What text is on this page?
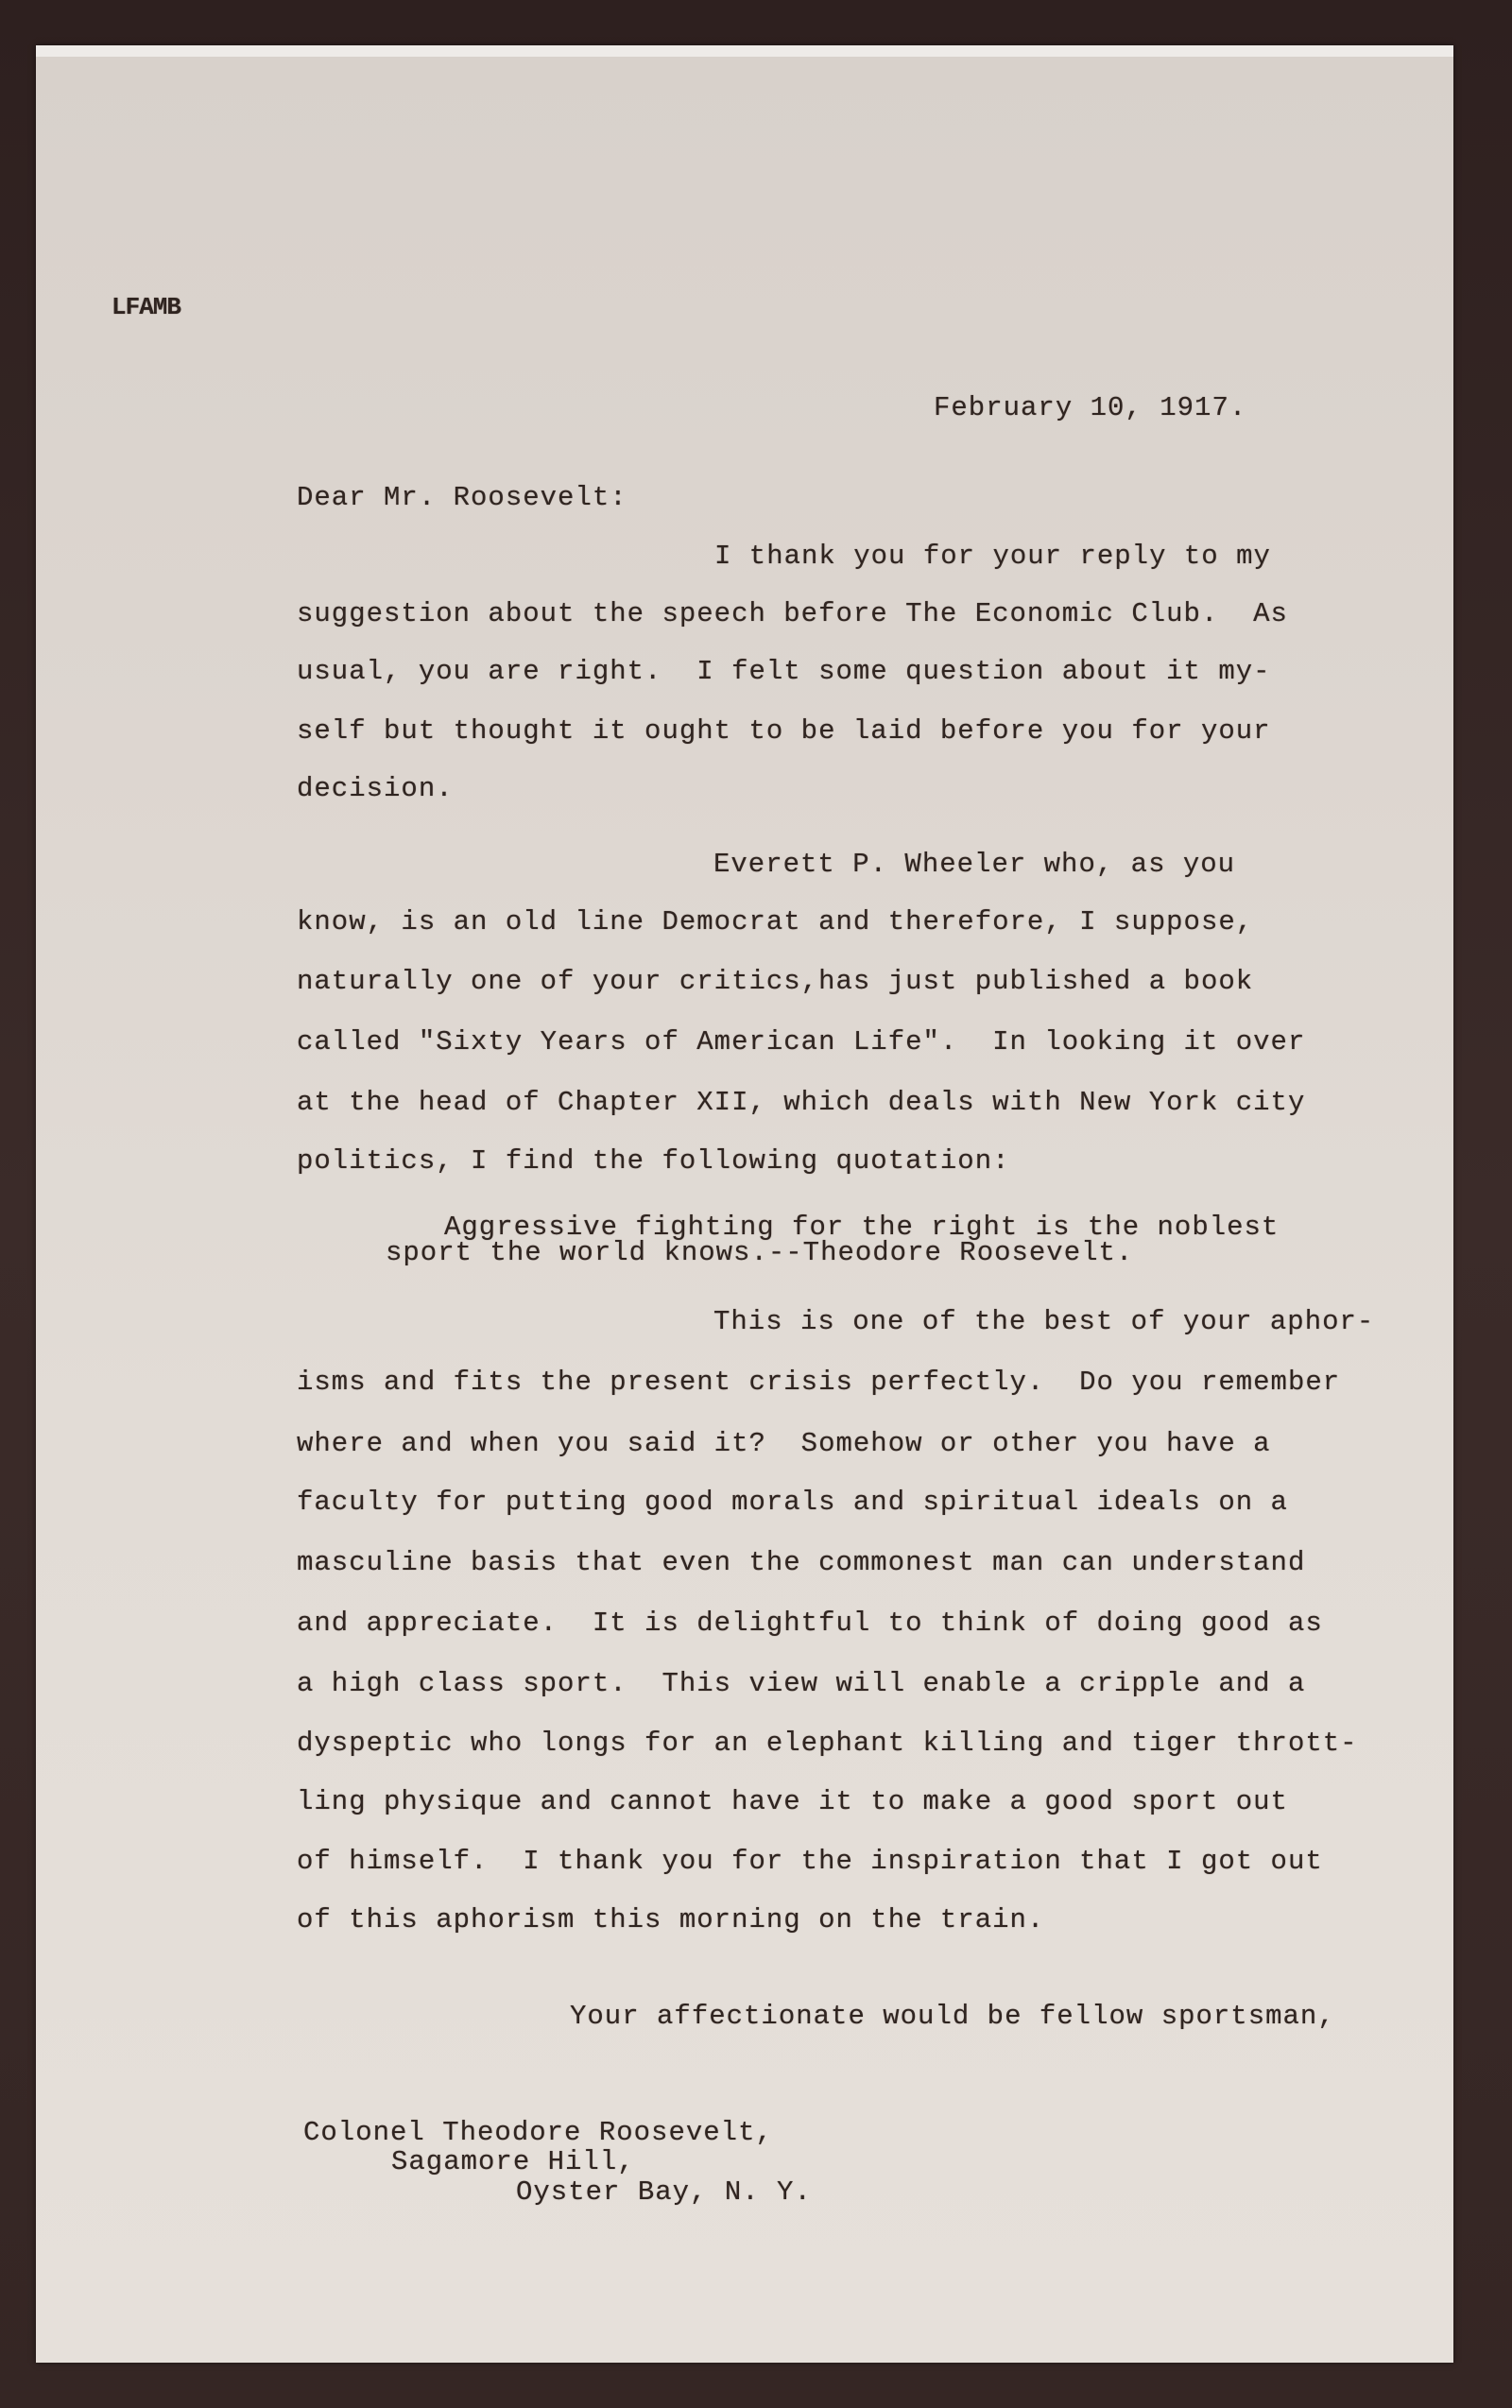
LFAMB
February 10, 1917.
Dear Mr. Roosevelt:
I thank you for your reply to my
suggestion about the speech before The Economic Club.  As
usual, you are right.  I felt some question about it my-
self but thought it ought to be laid before you for your
decision.
Everett P. Wheeler who, as you
know, is an old line Democrat and therefore, I suppose,
naturally one of your critics,has just published a book
called "Sixty Years of American Life".  In looking it over
at the head of Chapter XII, which deals with New York city
politics, I find the following quotation:
Aggressive fighting for the right is the noblest
sport the world knows.--Theodore Roosevelt.
This is one of the best of your aphor-
isms and fits the present crisis perfectly.  Do you remember
where and when you said it?  Somehow or other you have a
faculty for putting good morals and spiritual ideals on a
masculine basis that even the commonest man can understand
and appreciate.  It is delightful to think of doing good as
a high class sport.  This view will enable a cripple and a
dyspeptic who longs for an elephant killing and tiger thrott-
ling physique and cannot have it to make a good sport out
of himself.  I thank you for the inspiration that I got out
of this aphorism this morning on the train.
Your affectionate would be fellow sportsman,
Colonel Theodore Roosevelt,
Sagamore Hill,
Oyster Bay, N. Y.
